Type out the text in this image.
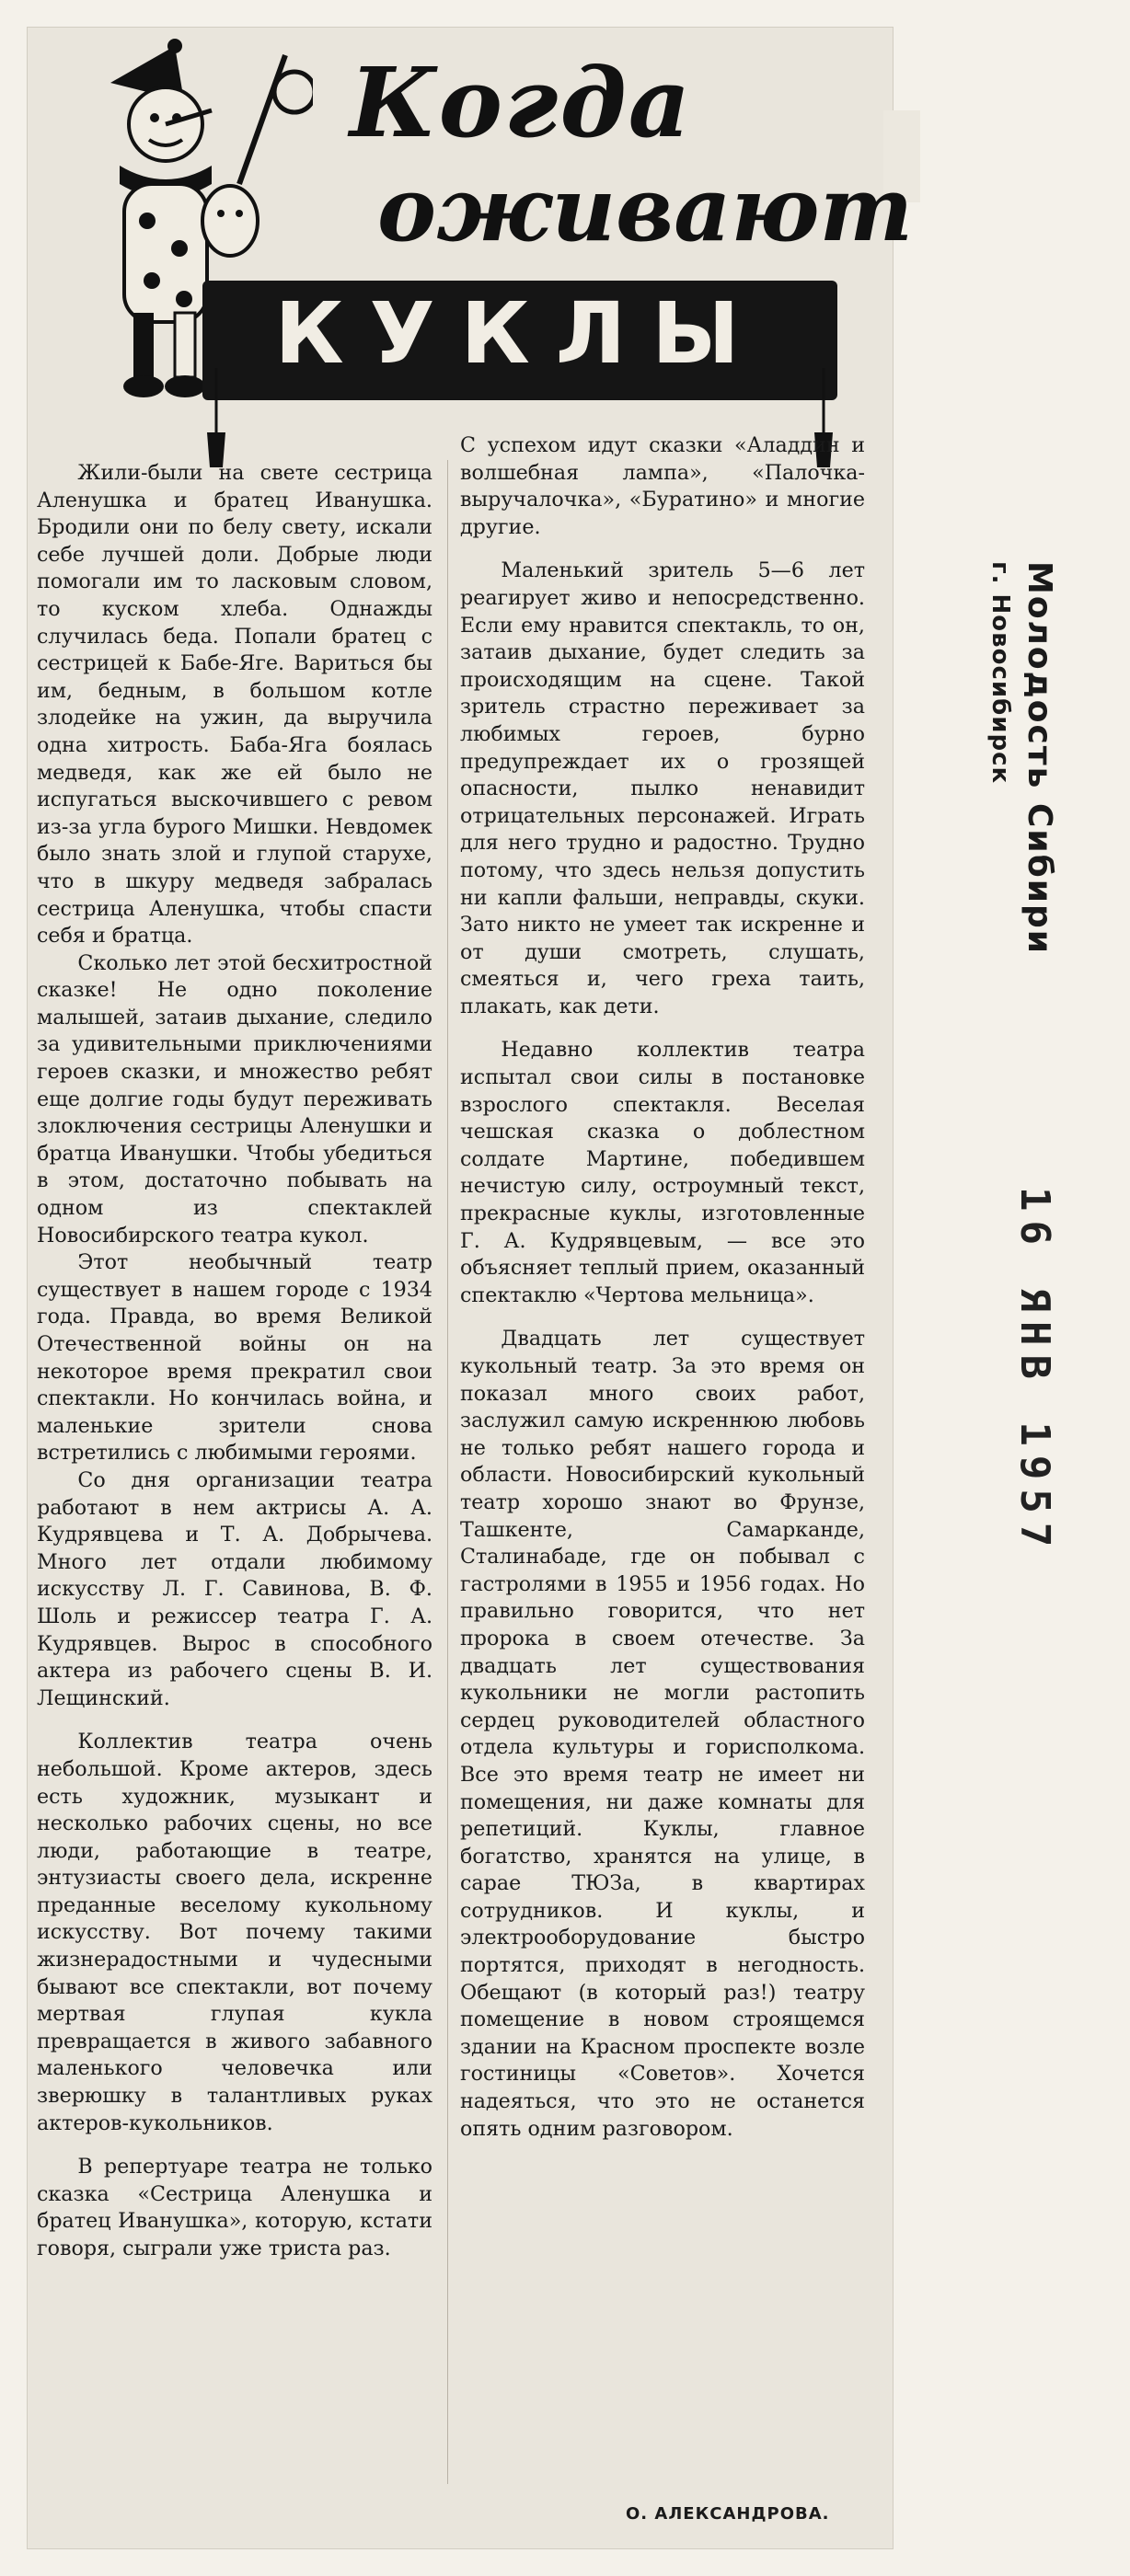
Когда
оживают
КУКЛЫ

Жили-были на свете сестрица Аленушка и братец Иванушка. Бродили они по белу свету, искали себе лучшей доли. Добрые люди помогали им то ласковым словом, то куском хлеба. Однажды случилась беда. Попали братец с сестрицей к Бабе-Яге. Вариться бы им, бедным, в большом котле злодейке на ужин, да выручила одна хитрость. Баба-Яга боялась медведя, как же ей было не испугаться выскочившего с ревом из-за угла бурого Мишки. Невдомек было знать злой и глупой старухе, что в шкуру медведя забралась сестрица Аленушка, чтобы спасти себя и братца.

Сколько лет этой бесхитростной сказке! Не одно поколение малышей, затаив дыхание, следило за удивительными приключениями героев сказки, и множество ребят еще долгие годы будут переживать злоключения сестрицы Аленушки и братца Иванушки. Чтобы убедиться в этом, достаточно побывать на одном из спектаклей Новосибирского театра кукол.

Этот необычный театр существует в нашем городе с 1934 года. Правда, во время Великой Отечественной войны он на некоторое время прекратил свои спектакли. Но кончилась война, и маленькие зрители снова встретились с любимыми героями.

Со дня организации театра работают в нем актрисы А. А. Кудрявцева и Т. А. Добрычева. Много лет отдали любимому искусству Л. Г. Савинова, В. Ф. Шоль и режиссер театра Г. А. Кудрявцев. Вырос в способного актера из рабочего сцены В. И. Лещинский.

Коллектив театра очень небольшой. Кроме актеров, здесь есть художник, музыкант и несколько рабочих сцены, но все люди, работающие в театре, энтузиасты своего дела, искренне преданные веселому кукольному искусству. Вот почему такими жизнерадостными и чудесными бывают все спектакли, вот почему мертвая глупая кукла превращается в живого забавного маленького человечка или зверюшку в талантливых руках актеров-кукольников.

В репертуаре театра не только сказка «Сестрица Аленушка и братец Иванушка», которую, кстати говоря, сыграли уже триста раз.

С успехом идут сказки «Аладдин и волшебная лампа», «Палочка-выручалочка», «Буратино» и многие другие.

Маленький зритель 5—6 лет реагирует живо и непосредственно. Если ему нравится спектакль, то он, затаив дыхание, будет следить за происходящим на сцене. Такой зритель страстно переживает за любимых героев, бурно предупреждает их о грозящей опасности, пылко ненавидит отрицательных персонажей. Играть для него трудно и радостно. Трудно потому, что здесь нельзя допустить ни капли фальши, неправды, скуки. Зато никто не умеет так искренне и от души смотреть, слушать, смеяться и, чего греха таить, плакать, как дети.

Недавно коллектив театра испытал свои силы в постановке взрослого спектакля. Веселая чешская сказка о доблестном солдате Мартине, победившем нечистую силу, остроумный текст, прекрасные куклы, изготовленные Г. А. Кудрявцевым, — все это объясняет теплый прием, оказанный спектаклю «Чертова мельница».

Двадцать лет существует кукольный театр. За это время он показал много своих работ, заслужил самую искреннюю любовь не только ребят нашего города и области. Новосибирский кукольный театр хорошо знают во Фрунзе, Ташкенте, Самарканде, Сталинабаде, где он побывал с гастролями в 1955 и 1956 годах. Но правильно говорится, что нет пророка в своем отечестве. За двадцать лет существования кукольники не могли растопить сердец руководителей областного отдела культуры и горисполкома. Все это время театр не имеет ни помещения, ни даже комнаты для репетиций. Куклы, главное богатство, хранятся на улице, в сарае ТЮЗа, в квартирах сотрудников. И куклы, и электрооборудование быстро портятся, приходят в негодность. Обещают (в который раз!) театру помещение в новом строящемся здании на Красном проспекте возле гостиницы «Советов». Хочется надеяться, что это не останется опять одним разговором.

О. АЛЕКСАНДРОВА.
Молодость Сибири
г. Новосибирск
16 ЯНВ 1957
